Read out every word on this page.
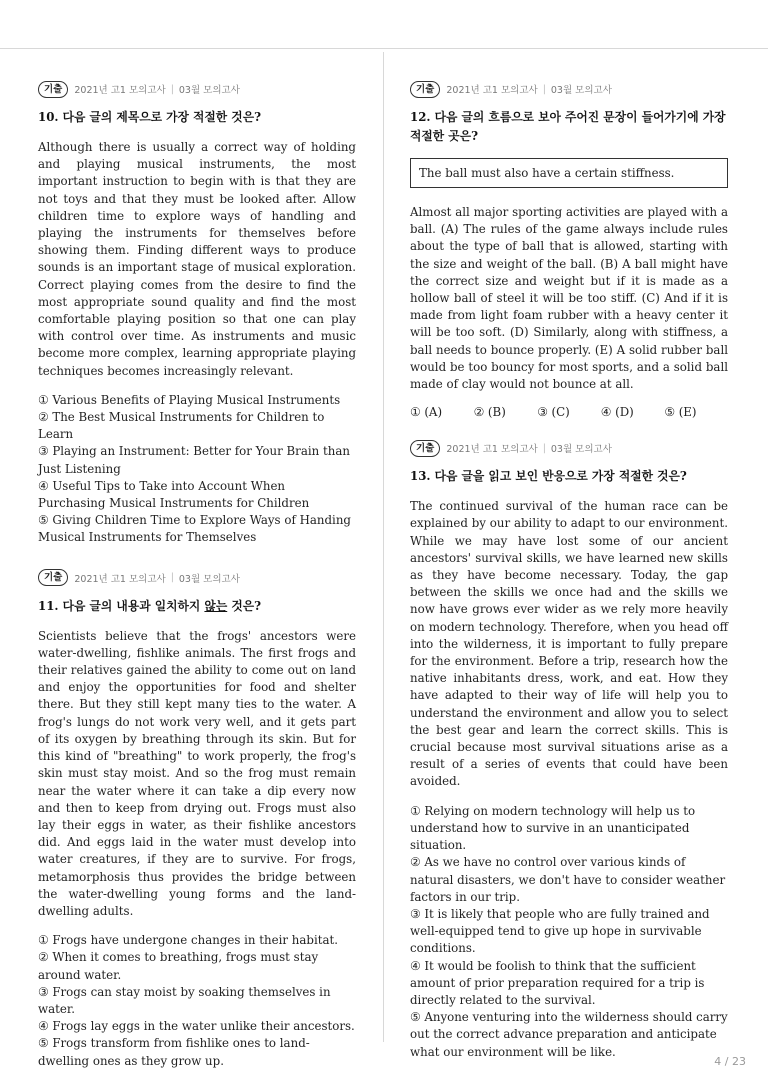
기출	2021년 고1 모의고사 | 03월 모의고사
10. 다음 글의 제목으로 가장 적절한 것은?

Although there is usually a correct way of holding and playing musical instruments, the most important instruction to begin with is that they are not toys and that they must be looked after. Allow children time to explore ways of handling and playing the instruments for themselves before showing them. Finding different ways to produce sounds is an important stage of musical exploration. Correct playing comes from the desire to find the most appropriate sound quality and find the most comfortable playing position so that one can play with control over time. As instruments and music become more complex, learning appropriate playing techniques becomes increasingly relevant.

① Various Benefits of Playing Musical Instruments

② The Best Musical Instruments for Children to Learn

③ Playing an Instrument: Better for Your Brain than Just Listening

④ Useful Tips to Take into Account When Purchasing Musical Instruments for Children

⑤ Giving Children Time to Explore Ways of Handing Musical Instruments for Themselves

기출	2021년 고1 모의고사 | 03월 모의고사
11. 다음 글의 내용과 일치하지 않는 것은?

Scientists believe that the frogs' ancestors were water-dwelling, fishlike animals. The first frogs and their relatives gained the ability to come out on land and enjoy the opportunities for food and shelter there. But they still kept many ties to the water. A frog's lungs do not work very well, and it gets part of its oxygen by breathing through its skin. But for this kind of "breathing" to work properly, the frog's skin must stay moist. And so the frog must remain near the water where it can take a dip every now and then to keep from drying out. Frogs must also lay their eggs in water, as their fishlike ancestors did. And eggs laid in the water must develop into water creatures, if they are to survive. For frogs, metamorphosis thus provides the bridge between the water-dwelling young forms and the land-dwelling adults.

① Frogs have undergone changes in their habitat.

② When it comes to breathing, frogs must stay around water.

③ Frogs can stay moist by soaking themselves in water.

④ Frogs lay eggs in the water unlike their ancestors.

⑤ Frogs transform from fishlike ones to land-dwelling ones as they grow up.

기출	2021년 고1 모의고사 | 03월 모의고사
12. 다음 글의 흐름으로 보아 주어진 문장이 들어가기에 가장 적절한 곳은?
The ball must also have a certain stiffness.

Almost all major sporting activities are played with a ball. (A) The rules of the game always include rules about the type of ball that is allowed, starting with the size and weight of the ball. (B) A ball might have the correct size and weight but if it is made as a hollow ball of steel it will be too stiff. (C) And if it is made from light foam rubber with a heavy center it will be too soft. (D) Similarly, along with stiffness, a ball needs to bounce properly. (E) A solid rubber ball would be too bouncy for most sports, and a solid ball made of clay would not bounce at all.

① (A)	② (B)	③ (C)	④ (D)	⑤ (E)
기출	2021년 고1 모의고사 | 03월 모의고사
13. 다음 글을 읽고 보인 반응으로 가장 적절한 것은?

The continued survival of the human race can be explained by our ability to adapt to our environment. While we may have lost some of our ancient ancestors' survival skills, we have learned new skills as they have become necessary. Today, the gap between the skills we once had and the skills we now have grows ever wider as we rely more heavily on modern technology. Therefore, when you head off into the wilderness, it is important to fully prepare for the environment. Before a trip, research how the native inhabitants dress, work, and eat. How they have adapted to their way of life will help you to understand the environment and allow you to select the best gear and learn the correct skills. This is crucial because most survival situations arise as a result of a series of events that could have been avoided.

① Relying on modern technology will help us to understand how to survive in an unanticipated situation.

② As we have no control over various kinds of natural disasters, we don't have to consider weather factors in our trip.

③ It is likely that people who are fully trained and well-equipped tend to give up hope in survivable conditions.

④ It would be foolish to think that the sufficient amount of prior preparation required for a trip is directly related to the survival.

⑤ Anyone venturing into the wilderness should carry out the correct advance preparation and anticipate what our environment will be like.

4 / 23
